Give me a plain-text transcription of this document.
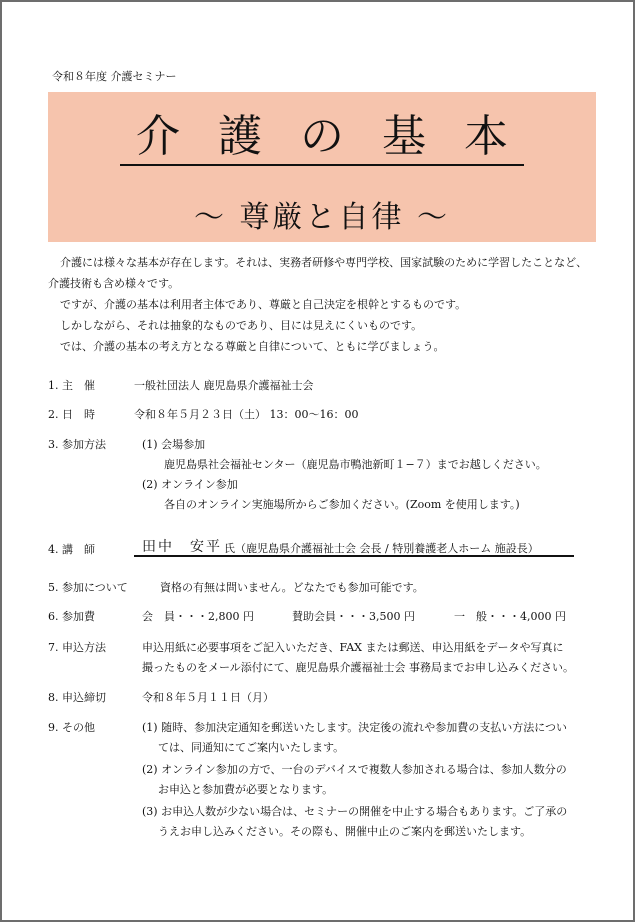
令和８年度 介護セミナー
介護の基本
〜 尊厳と自律 〜

介護には様々な基本が存在します。それは、実務者研修や専門学校、国家試験のために学習したことなど、介護技術も含め様々です。

ですが、介護の基本は利用者主体であり、尊厳と自己決定を根幹とするものです。

しかしながら、それは抽象的なものであり、目には見えにくいものです。

では、介護の基本の考え方となる尊厳と自律について、ともに学びましょう。

1. 主　催	一般社団法人 鹿児島県介護福祉士会
2. 日　時	令和８年５月２３日（土） 13：00〜16：00
3. 参加方法	(1) 会場参加
鹿児島県社会福祉センター（鹿児島市鴨池新町１−７）までお越しください。
(2) オンライン参加
各自のオンライン実施場所からご参加ください。(Zoom を使用します。)
4. 講　師	田中　安平 氏（鹿児島県介護福祉士会 会長 / 特別養護老人ホーム 施設長）
5. 参加について	資格の有無は問いません。どなたでも参加可能です。
6. 参加費	会　員・・・2,800 円	賛助会員・・・3,500 円	一　般・・・4,000 円
7. 申込方法	申込用紙に必要事項をご記入いただき、FAX または郵送、申込用紙をデータや写真に
撮ったものをメール添付にて、鹿児島県介護福祉士会 事務局までお申し込みください。
8. 申込締切	令和８年５月１１日（月）
9. その他	(1) 随時、参加決定通知を郵送いたします。決定後の流れや参加費の支払い方法につい
ては、同通知にてご案内いたします。
(2) オンライン参加の方で、一台のデバイスで複数人参加される場合は、参加人数分の
お申込と参加費が必要となります。
(3) お申込人数が少ない場合は、セミナーの開催を中止する場合もあります。ご了承の
うえお申し込みください。その際も、開催中止のご案内を郵送いたします。
